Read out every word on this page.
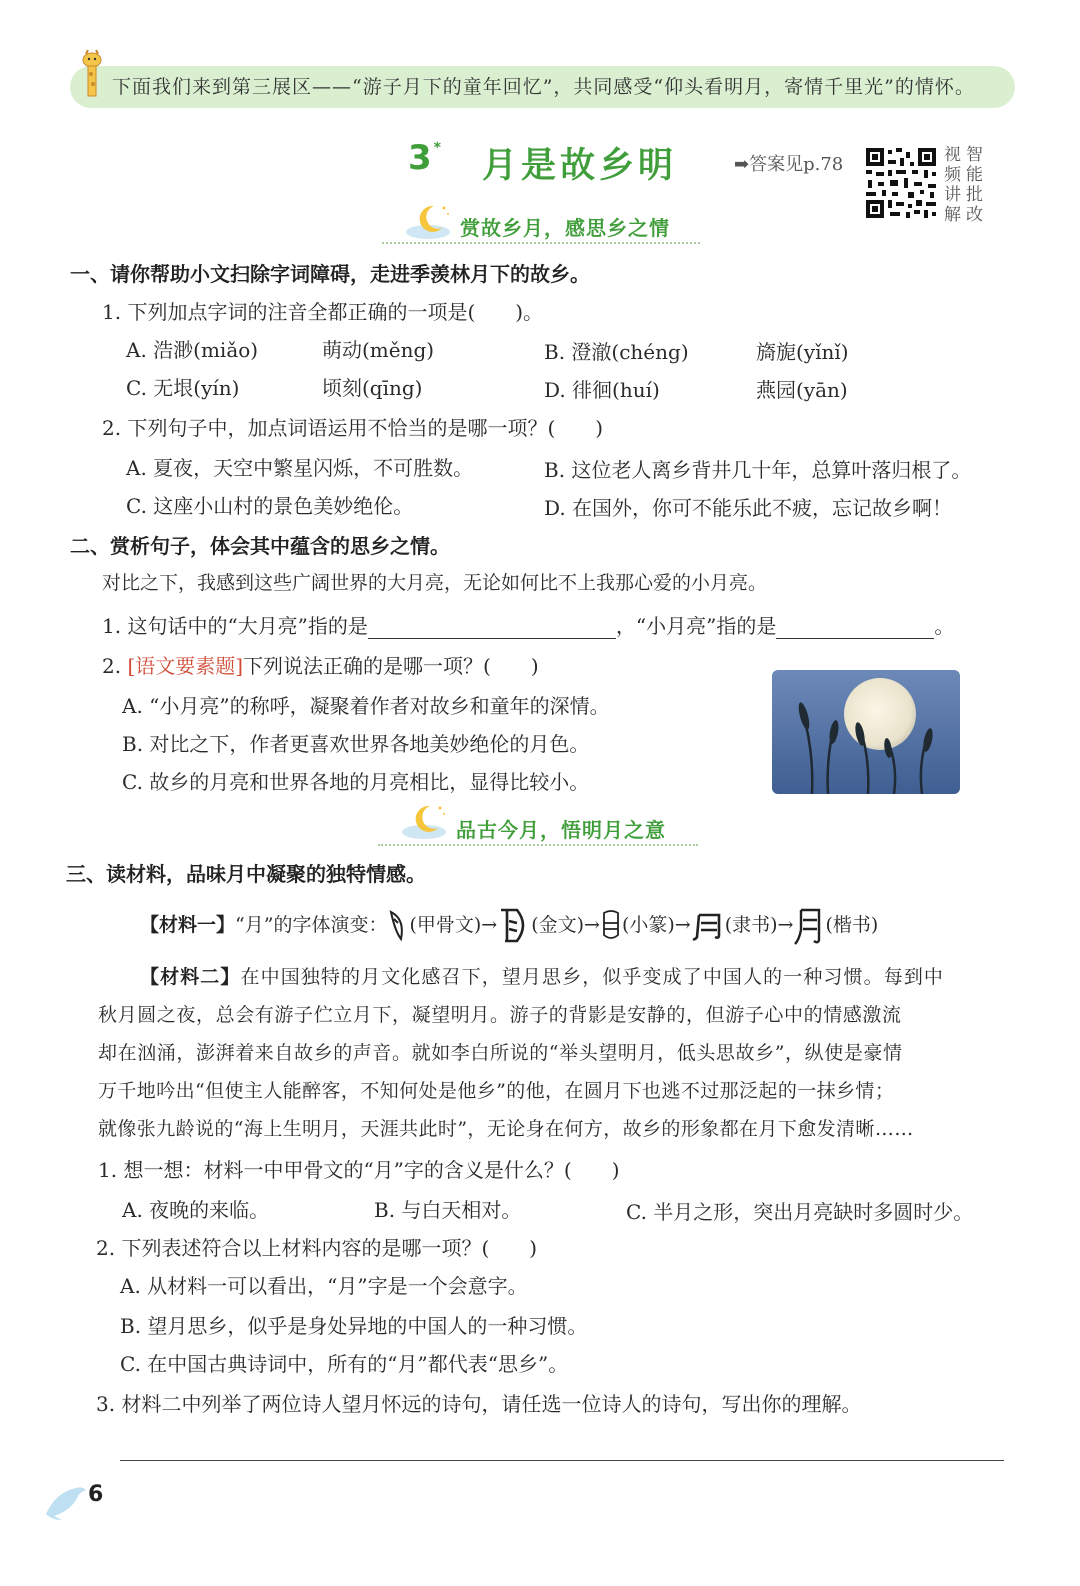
下面我们来到第三展区——“游子月下的童年回忆”，共同感受“仰头看明月，寄情千里光”的情怀。
3 * 月是故乡明	➡答案见p.78	视
频
讲
解
智
能
批
改
赏故乡月，感思乡之情
一、请你帮助小文扫除字词障碍，走进季羡林月下的故乡。
1. 下列加点字词的注音全都正确的一项是(　　)。
A. 浩渺(miǎo)	萌动(měng)	B. 澄澈(chéng)	旖旎(yǐnǐ)
C. 无垠(yín)	顷刻(qīng)	D. 徘徊(huí)	燕园(yān)
2. 下列句子中，加点词语运用不恰当的是哪一项？(　　)
A. 夏夜，天空中繁星闪烁，不可胜数。	B. 这位老人离乡背井几十年，总算叶落归根了。
C. 这座小山村的景色美妙绝伦。	D. 在国外，你可不能乐此不疲，忘记故乡啊！
二、赏析句子，体会其中蕴含的思乡之情。
对比之下，我感到这些广阔世界的大月亮，无论如何比不上我那心爱的小月亮。
1. 这句话中的“大月亮”指的是	，“小月亮”指的是	。
2. [语文要素题]下列说法正确的是哪一项？(　　)
A. “小月亮”的称呼，凝聚着作者对故乡和童年的深情。
B. 对比之下，作者更喜欢世界各地美妙绝伦的月色。
C. 故乡的月亮和世界各地的月亮相比，显得比较小。
品古今月，悟明月之意
三、读材料，品味月中凝聚的独特情感。
【材料一】“月”的字体演变： (甲骨文)→ (金文)→ (小篆)→ (隶书)→ (楷书)
【材料二】在中国独特的月文化感召下，望月思乡，似乎变成了中国人的一种习惯。每到中
秋月圆之夜，总会有游子伫立月下，凝望明月。游子的背影是安静的，但游子心中的情感激流
却在汹涌，澎湃着来自故乡的声音。就如李白所说的“举头望明月，低头思故乡”，纵使是豪情
万千地吟出“但使主人能醉客，不知何处是他乡”的他，在圆月下也逃不过那泛起的一抹乡情；
就像张九龄说的“海上生明月，天涯共此时”，无论身在何方，故乡的形象都在月下愈发清晰……
1. 想一想：材料一中甲骨文的“月”字的含义是什么？(　　)
A. 夜晚的来临。	B. 与白天相对。	C. 半月之形，突出月亮缺时多圆时少。
2. 下列表述符合以上材料内容的是哪一项？(　　)
A. 从材料一可以看出，“月”字是一个会意字。
B. 望月思乡，似乎是身处异地的中国人的一种习惯。
C. 在中国古典诗词中，所有的“月”都代表“思乡”。
3. 材料二中列举了两位诗人望月怀远的诗句，请任选一位诗人的诗句，写出你的理解。
6
